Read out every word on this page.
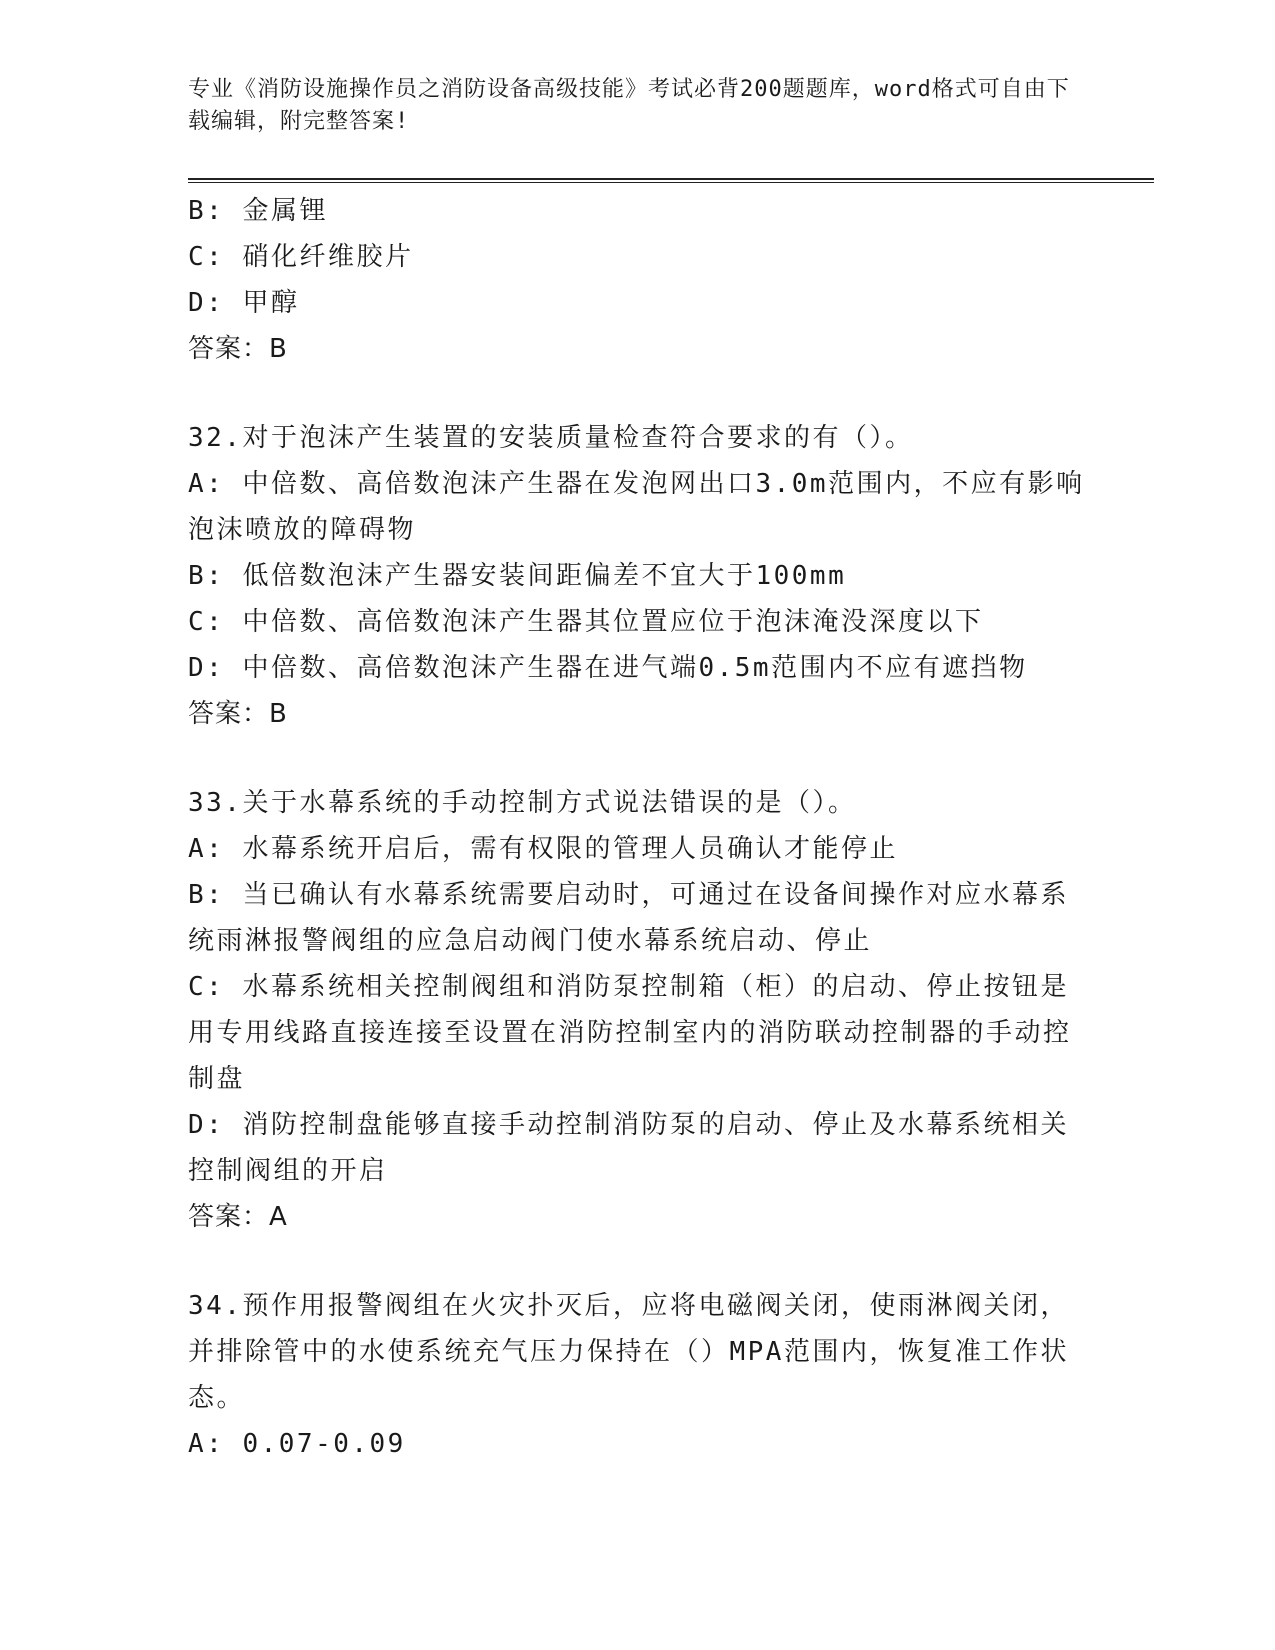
专业《消防设施操作员之消防设备高级技能》考试必背200题题库，word格式可自由下载编辑，附完整答案!
B: 金属锂
C: 硝化纤维胶片
D: 甲醇
答案：B
32.对于泡沫产生装置的安装质量检查符合要求的有（）。
A: 中倍数、高倍数泡沫产生器在发泡网出口3.0m范围内，不应有影响泡沫喷放的障碍物
B: 低倍数泡沫产生器安装间距偏差不宜大于100mm
C: 中倍数、高倍数泡沫产生器其位置应位于泡沫淹没深度以下
D: 中倍数、高倍数泡沫产生器在进气端0.5m范围内不应有遮挡物
答案：B
33.关于水幕系统的手动控制方式说法错误的是（）。
A: 水幕系统开启后，需有权限的管理人员确认才能停止
B: 当已确认有水幕系统需要启动时，可通过在设备间操作对应水幕系统雨淋报警阀组的应急启动阀门使水幕系统启动、停止
C: 水幕系统相关控制阀组和消防泵控制箱（柜）的启动、停止按钮是用专用线路直接连接至设置在消防控制室内的消防联动控制器的手动控制盘
D: 消防控制盘能够直接手动控制消防泵的启动、停止及水幕系统相关控制阀组的开启
答案：A
34.预作用报警阀组在火灾扑灭后，应将电磁阀关闭，使雨淋阀关闭，并排除管中的水使系统充气压力保持在（）MPA范围内，恢复准工作状态。
A: 0.07-0.09
